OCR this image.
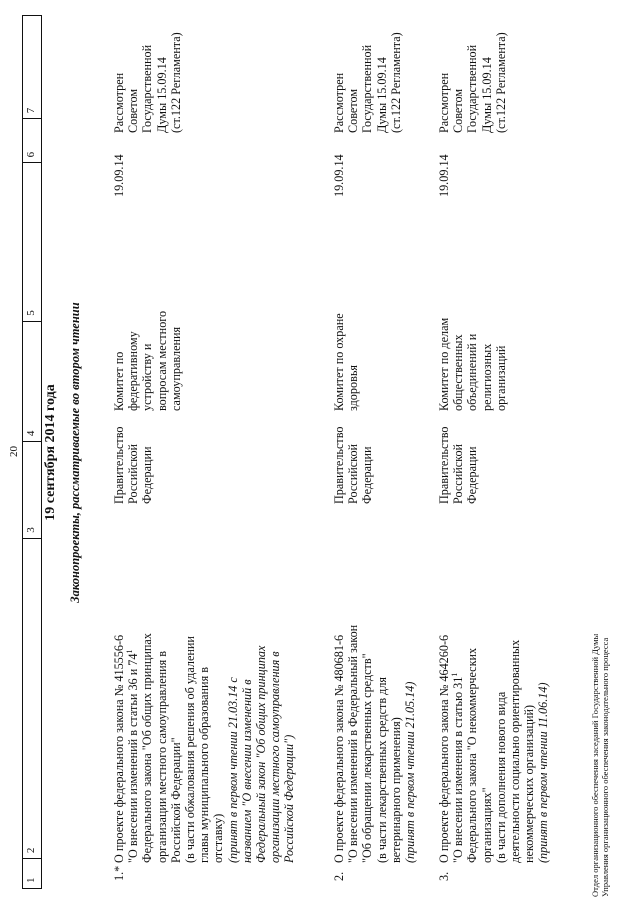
20
1
2
3
4
5
6
7
19 сентября 2014 года Законопроекты, рассматриваемые во втором чтении
1.*
О проекте федерального закона № 415556-6 "О внесении изменений в статьи 36 и $74^1$ Федерального закона "Об общих принципах организации местного самоуправления в Российской Федерации" (в части обжалования решения об удалении главы муниципального образования в отставку) (принят в первом чтении 21.03.14 с названием "О внесении изменений в Федеральный закон "Об общих принципах организации местного самоуправления в Российской Федерации")
Правительство Российской Федерации
Комитет по федеративному устройству и вопросам местного самоуправления
19.09.14
Рассмотрен Советом Государственной Думы 15.09.14 (ст.122 Регламента)
2.
О проекте федерального закона № 480681-6 "О внесении изменений в Федеральный закон "Об обращении лекарственных средств" (в части лекарственных средств для ветеринарного применения) (принят в первом чтении 21.05.14)
Правительство Российской Федерации
Комитет по охране здоровья
19.09.14
Рассмотрен Советом Государственной Думы 15.09.14 (ст.122 Регламента)
3.
О проекте федерального закона № 464260-6 "О внесении изменения в статью $31^1$ Федерального закона "О некоммерческих организациях" (в части дополнения нового вида деятельности социально ориентированных некоммерческих организаций) (принят в первом чтении 11.06.14)
Правительство Российской Федерации
Комитет по делам общественных объединений и религиозных организаций
19.09.14
Рассмотрен Советом Государственной Думы 15.09.14 (ст.122 Регламента)
Отдел организационного обеспечения заседаний Государственной Думы Управления организационного обеспечения законодательного процесса
